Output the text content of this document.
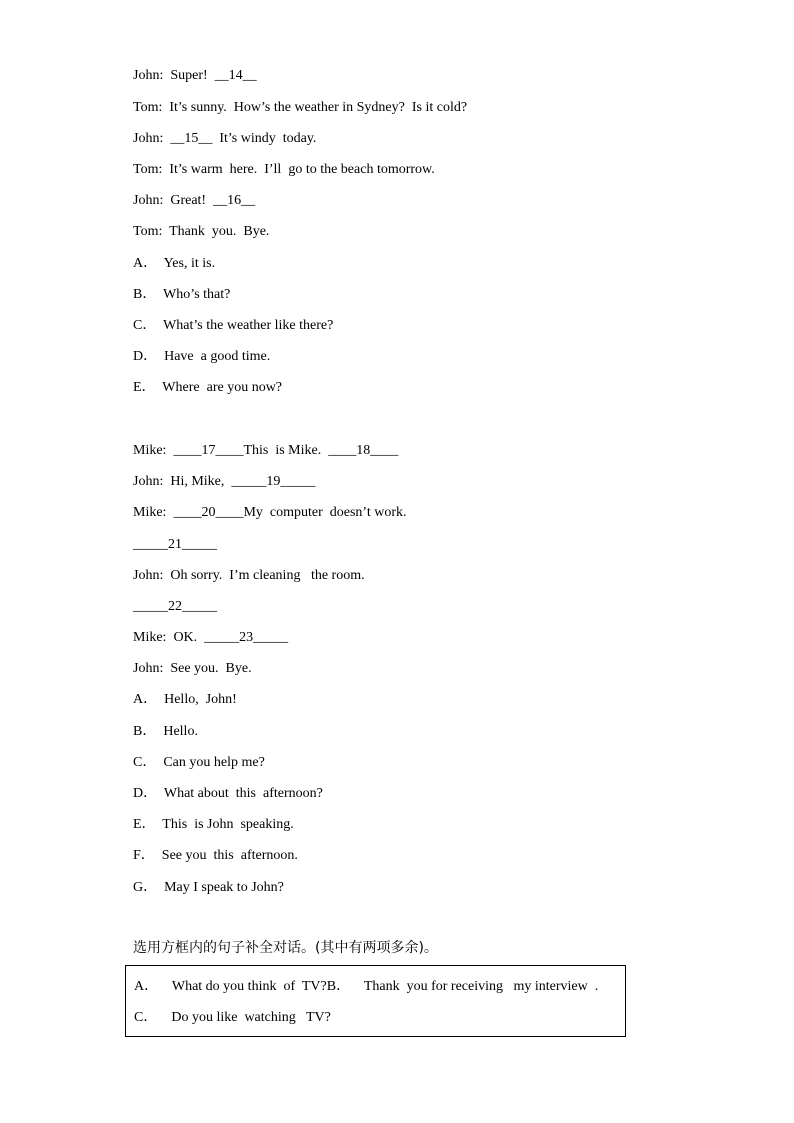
John:  Super!  __14__
Tom:  It’s sunny.  How’s the weather in Sydney?  Is it cold?
John:  __15__  It’s windy  today.
Tom:  It’s warm  here.  I’ll  go to the beach tomorrow.
John:  Great!  __16__
Tom:  Thank  you.  Bye.
A．  Yes, it is.
B．  Who’s that?
C．  What’s the weather like there?
D．  Have  a good time.
E．  Where  are you now?
Mike:  ____17____This  is Mike.  ____18____
John:  Hi, Mike,  _____19_____
Mike:  ____20____My  computer  doesn’t work.
_____21_____
John:  Oh sorry.  I’m cleaning   the room.
_____22_____
Mike:  OK.  _____23_____
John:  See you.  Bye.
A．  Hello,  John!
B．  Hello.
C．  Can you help me?
D．  What about  this  afternoon?
E．  This  is John  speaking.
F．  See you  this  afternoon.
G．  May I speak to John?
选用方框内的句子补全对话。(其中有两项多余)。
A．    What do you think  of  TV?B．    Thank  you for receiving   my interview  .
C．    Do you like  watching   TV?
